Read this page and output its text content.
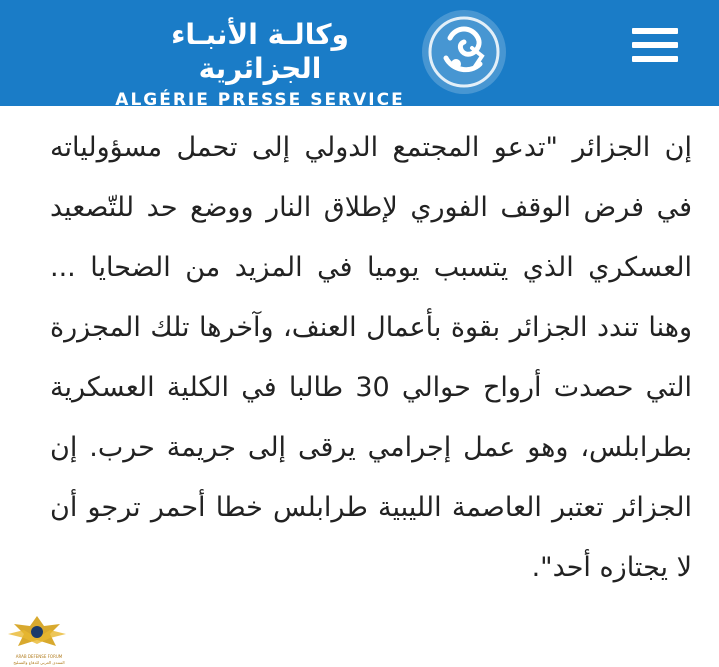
وكالـة الأنبـاء الجزائرية
ALGÉRIE PRESSE SERVICE
إن الجزائر "تدعو المجتمع الدولي إلى تحمل مسؤولياته في فرض الوقف الفوري لإطلاق النار ووضع حد للتّصعيد العسكري الذي يتسبب يوميا في المزيد من الضحايا ... وهنا تندد الجزائر بقوة بأعمال العنف، وآخرها تلك المجزرة التي حصدت أرواح حوالي 30 طالبا في الكلية العسكرية بطرابلس، وهو عمل إجرامي يرقى إلى جريمة حرب. إن الجزائر تعتبر العاصمة الليبية طرابلس خطا أحمر ترجو أن لا يجتازه أحد".
ARAB DEFENSE FORUM
المنتدى العربي للدفاع والتسليح
